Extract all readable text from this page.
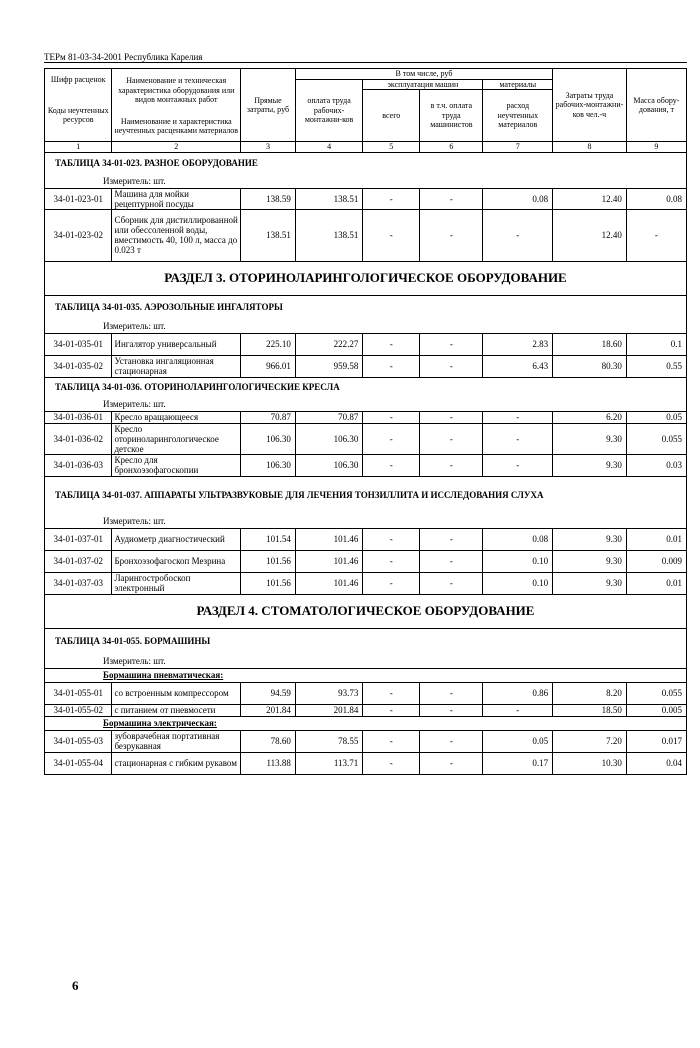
ТЕРм 81-03-34-2001 Республика Карелия
Шифр расценок	Наименование и техническая характеристика оборудования или видов монтажных работ	Прямые затраты, руб	В том числе, руб				Затраты труда рабочих-монтажни-ков чел.-ч	Масса обору-дования, т
			оплата труда рабочих-монтажни-ков	эксплуатация машин		материалы		
Коды неучтенных ресурсов				всего	в т.ч. оплата труда машинистов	расход неучтенных материалов		
	Наименование и характеристика неучтенных расценками материалов							

1	2	3	4	5	6	7	8	9
ТАБЛИЦА 34-01-023. РАЗНОЕ ОБОРУДОВАНИЕ								
Измеритель: шт.								
34-01-023-01	Машина для мойки рецептурной посуды	138.59	138.51	-	-	0.08	12.40	0.08
34-01-023-02	Сборник для дистиллированной или обессоленной воды, вместимость 40, 100 л, масса до 0.023 т	138.51	138.51	-	-	-	12.40	-
РАЗДЕЛ 3. ОТОРИНОЛАРИНГОЛОГИЧЕСКОЕ ОБОРУДОВАНИЕ								
ТАБЛИЦА 34-01-035. АЭРОЗОЛЬНЫЕ ИНГАЛЯТОРЫ								
Измеритель: шт.								
34-01-035-01	Ингалятор универсальный	225.10	222.27	-	-	2.83	18.60	0.1
34-01-035-02	Установка ингаляционная стационарная	966.01	959.58	-	-	6.43	80.30	0.55
ТАБЛИЦА 34-01-036. ОТОРИНОЛАРИНГОЛОГИЧЕСКИЕ КРЕСЛА								
Измеритель: шт.								
34-01-036-01	Кресло вращающееся	70.87	70.87	-	-	-	6.20	0.05
34-01-036-02	Кресло оториноларингологическое детское	106.30	106.30	-	-	-	9.30	0.055
34-01-036-03	Кресло для бронхоэзофагоскопии	106.30	106.30	-	-	-	9.30	0.03
ТАБЛИЦА 34-01-037. АППАРАТЫ УЛЬТРАЗВУКОВЫЕ ДЛЯ ЛЕЧЕНИЯ ТОНЗИЛЛИТА И ИССЛЕДОВАНИЯ СЛУХА								
Измеритель: шт.								
34-01-037-01	Аудиометр диагностический	101.54	101.46	-	-	0.08	9.30	0.01
34-01-037-02	Бронхоэзофагоскоп Мезрина	101.56	101.46	-	-	0.10	9.30	0.009
34-01-037-03	Ларингостробоскоп электронный	101.56	101.46	-	-	0.10	9.30	0.01
РАЗДЕЛ 4. СТОМАТОЛОГИЧЕСКОЕ ОБОРУДОВАНИЕ								
ТАБЛИЦА 34-01-055. БОРМАШИНЫ								
Измеритель: шт.								
Бормашина пневматическая:								
34-01-055-01	со встроенным компрессором	94.59	93.73	-	-	0.86	8.20	0.055
34-01-055-02	с питанием от пневмосети	201.84	201.84	-	-	-	18.50	0.005
Бормашина электрическая:								
34-01-055-03	зубоврачебная портативная безрукавная	78.60	78.55	-	-	0.05	7.20	0.017
34-01-055-04	стационарная с гибким рукавом	113.88	113.71	-	-	0.17	10.30	0.04
6
